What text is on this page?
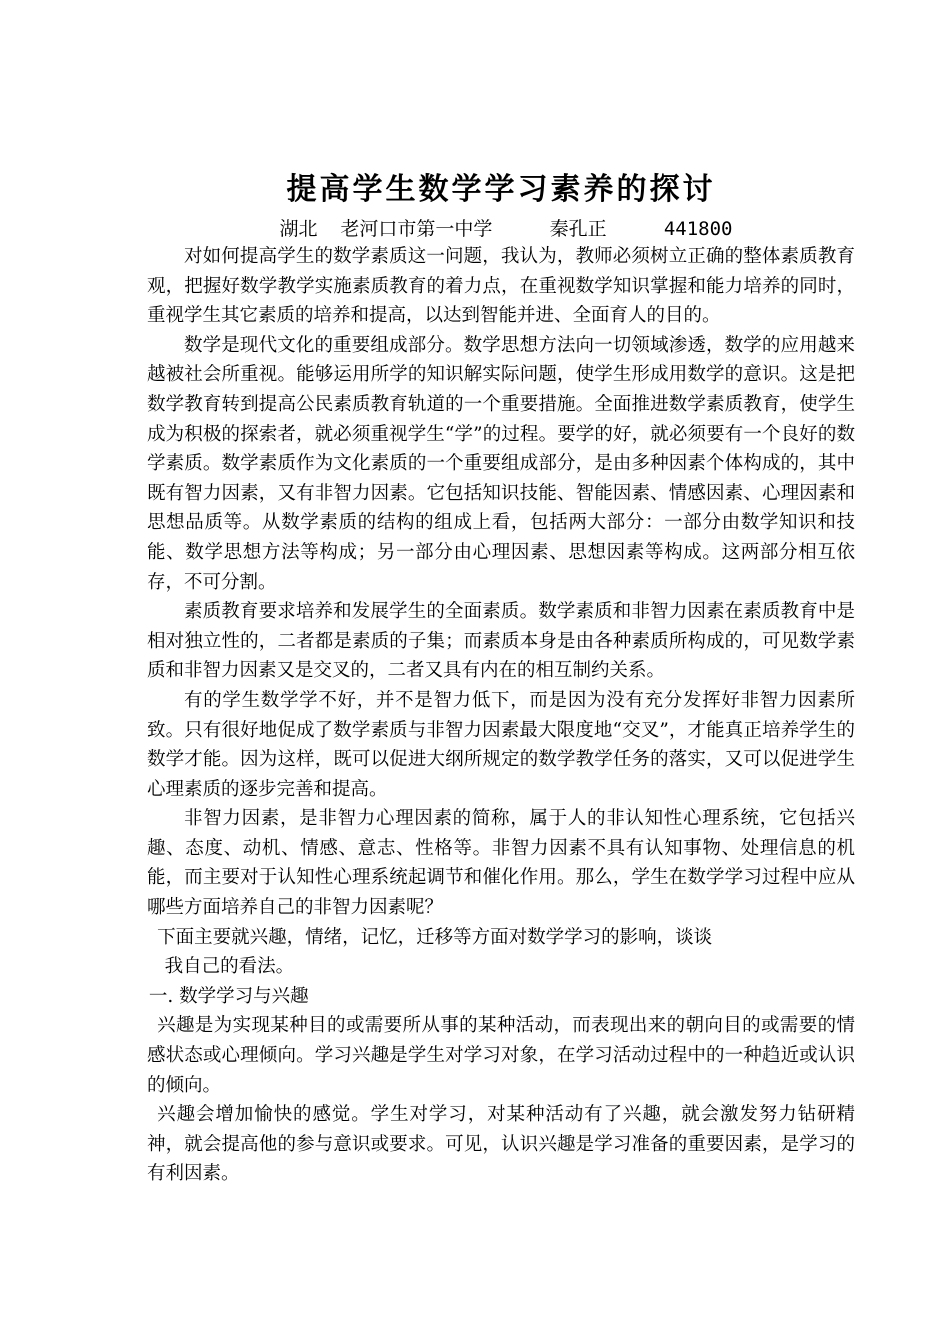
提高学生数学学习素养的探讨
湖北  老河口市第一中学     秦孔正     441800

对如何提高学生的数学素质这一问题，我认为，教师必须树立正确的整体素质教育观，把握好数学教学实施素质教育的着力点，在重视数学知识掌握和能力培养的同时，重视学生其它素质的培养和提高，以达到智能并进、全面育人的目的。

数学是现代文化的重要组成部分。数学思想方法向一切领域渗透，数学的应用越来越被社会所重视。能够运用所学的知识解实际问题，使学生形成用数学的意识。这是把数学教育转到提高公民素质教育轨道的一个重要措施。全面推进数学素质教育，使学生成为积极的探索者，就必须重视学生“学”的过程。要学的好，就必须要有一个良好的数学素质。数学素质作为文化素质的一个重要组成部分，是由多种因素个体构成的，其中既有智力因素，又有非智力因素。它包括知识技能、智能因素、情感因素、心理因素和思想品质等。从数学素质的结构的组成上看，包括两大部分：一部分由数学知识和技能、数学思想方法等构成；另一部分由心理因素、思想因素等构成。这两部分相互依存，不可分割。

素质教育要求培养和发展学生的全面素质。数学素质和非智力因素在素质教育中是相对独立性的，二者都是素质的子集；而素质本身是由各种素质所构成的，可见数学素质和非智力因素又是交叉的，二者又具有内在的相互制约关系。

有的学生数学学不好，并不是智力低下，而是因为没有充分发挥好非智力因素所致。只有很好地促成了数学素质与非智力因素最大限度地“交叉”，才能真正培养学生的数学才能。因为这样，既可以促进大纲所规定的数学教学任务的落实，又可以促进学生心理素质的逐步完善和提高。

非智力因素，是非智力心理因素的简称，属于人的非认知性心理系统，它包括兴趣、态度、动机、情感、意志、性格等。非智力因素不具有认知事物、处理信息的机能，而主要对于认知性心理系统起调节和催化作用。那么，学生在数学学习过程中应从哪些方面培养自己的非智力因素呢？

下面主要就兴趣，情绪，记忆，迁移等方面对数学学习的影响，谈谈

我自己的看法。

一. 数学学习与兴趣

兴趣是为实现某种目的或需要所从事的某种活动，而表现出来的朝向目的或需要的情感状态或心理倾向。学习兴趣是学生对学习对象，在学习活动过程中的一种趋近或认识的倾向。

兴趣会增加愉快的感觉。学生对学习，对某种活动有了兴趣，就会激发努力钻研精神，就会提高他的参与意识或要求。可见，认识兴趣是学习准备的重要因素，是学习的有利因素。
